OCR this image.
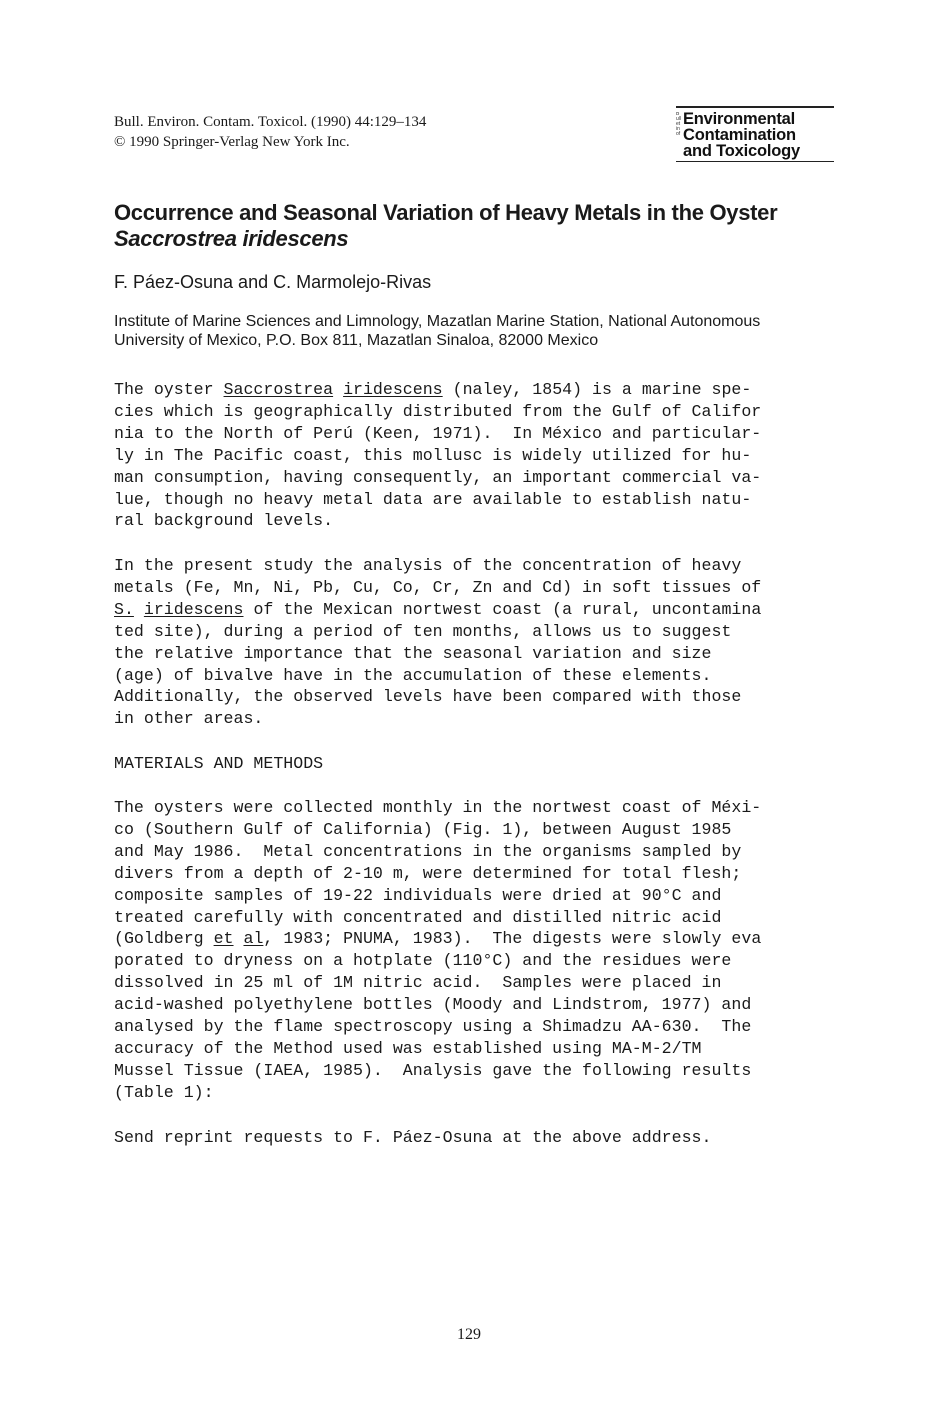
Bull. Environ. Contam. Toxicol. (1990) 44:129–134
© 1990 Springer-Verlag New York Inc.
Bulletin of
Environmental
Contamination
and Toxicology
Occurrence and Seasonal Variation of Heavy Metals in the Oyster Saccrostrea iridescens
F. Páez-Osuna and C. Marmolejo-Rivas
Institute of Marine Sciences and Limnology, Mazatlan Marine Station, National Autonomous University of Mexico, P.O. Box 811, Mazatlan Sinaloa, 82000 Mexico

The oyster Saccrostrea iridescens (naley, 1854) is a marine spe-
cies which is geographically distributed from the Gulf of Califor
nia to the North of Perú (Keen, 1971).  In México and particular-
ly in The Pacific coast, this mollusc is widely utilized for hu-
man consumption, having consequently, an important commercial va-
lue, though no heavy metal data are available to establish natu-
ral background levels.

In the present study the analysis of the concentration of heavy
metals (Fe, Mn, Ni, Pb, Cu, Co, Cr, Zn and Cd) in soft tissues of
S. iridescens of the Mexican nortwest coast (a rural, uncontamina
ted site), during a period of ten months, allows us to suggest
the relative importance that the seasonal variation and size
(age) of bivalve have in the accumulation of these elements.
Additionally, the observed levels have been compared with those
in other areas.

MATERIALS AND METHODS

The oysters were collected monthly in the nortwest coast of Méxi-
co (Southern Gulf of California) (Fig. 1), between August 1985
and May 1986.  Metal concentrations in the organisms sampled by
divers from a depth of 2-10 m, were determined for total flesh;
composite samples of 19-22 individuals were dried at 90°C and
treated carefully with concentrated and distilled nitric acid
(Goldberg et al, 1983; PNUMA, 1983).  The digests were slowly eva
porated to dryness on a hotplate (110°C) and the residues were
dissolved in 25 ml of 1M nitric acid.  Samples were placed in
acid-washed polyethylene bottles (Moody and Lindstrom, 1977) and
analysed by the flame spectroscopy using a Shimadzu AA-630.  The
accuracy of the Method used was established using MA-M-2/TM
Mussel Tissue (IAEA, 1985).  Analysis gave the following results
(Table 1):

Send reprint requests to F. Páez-Osuna at the above address.

129
